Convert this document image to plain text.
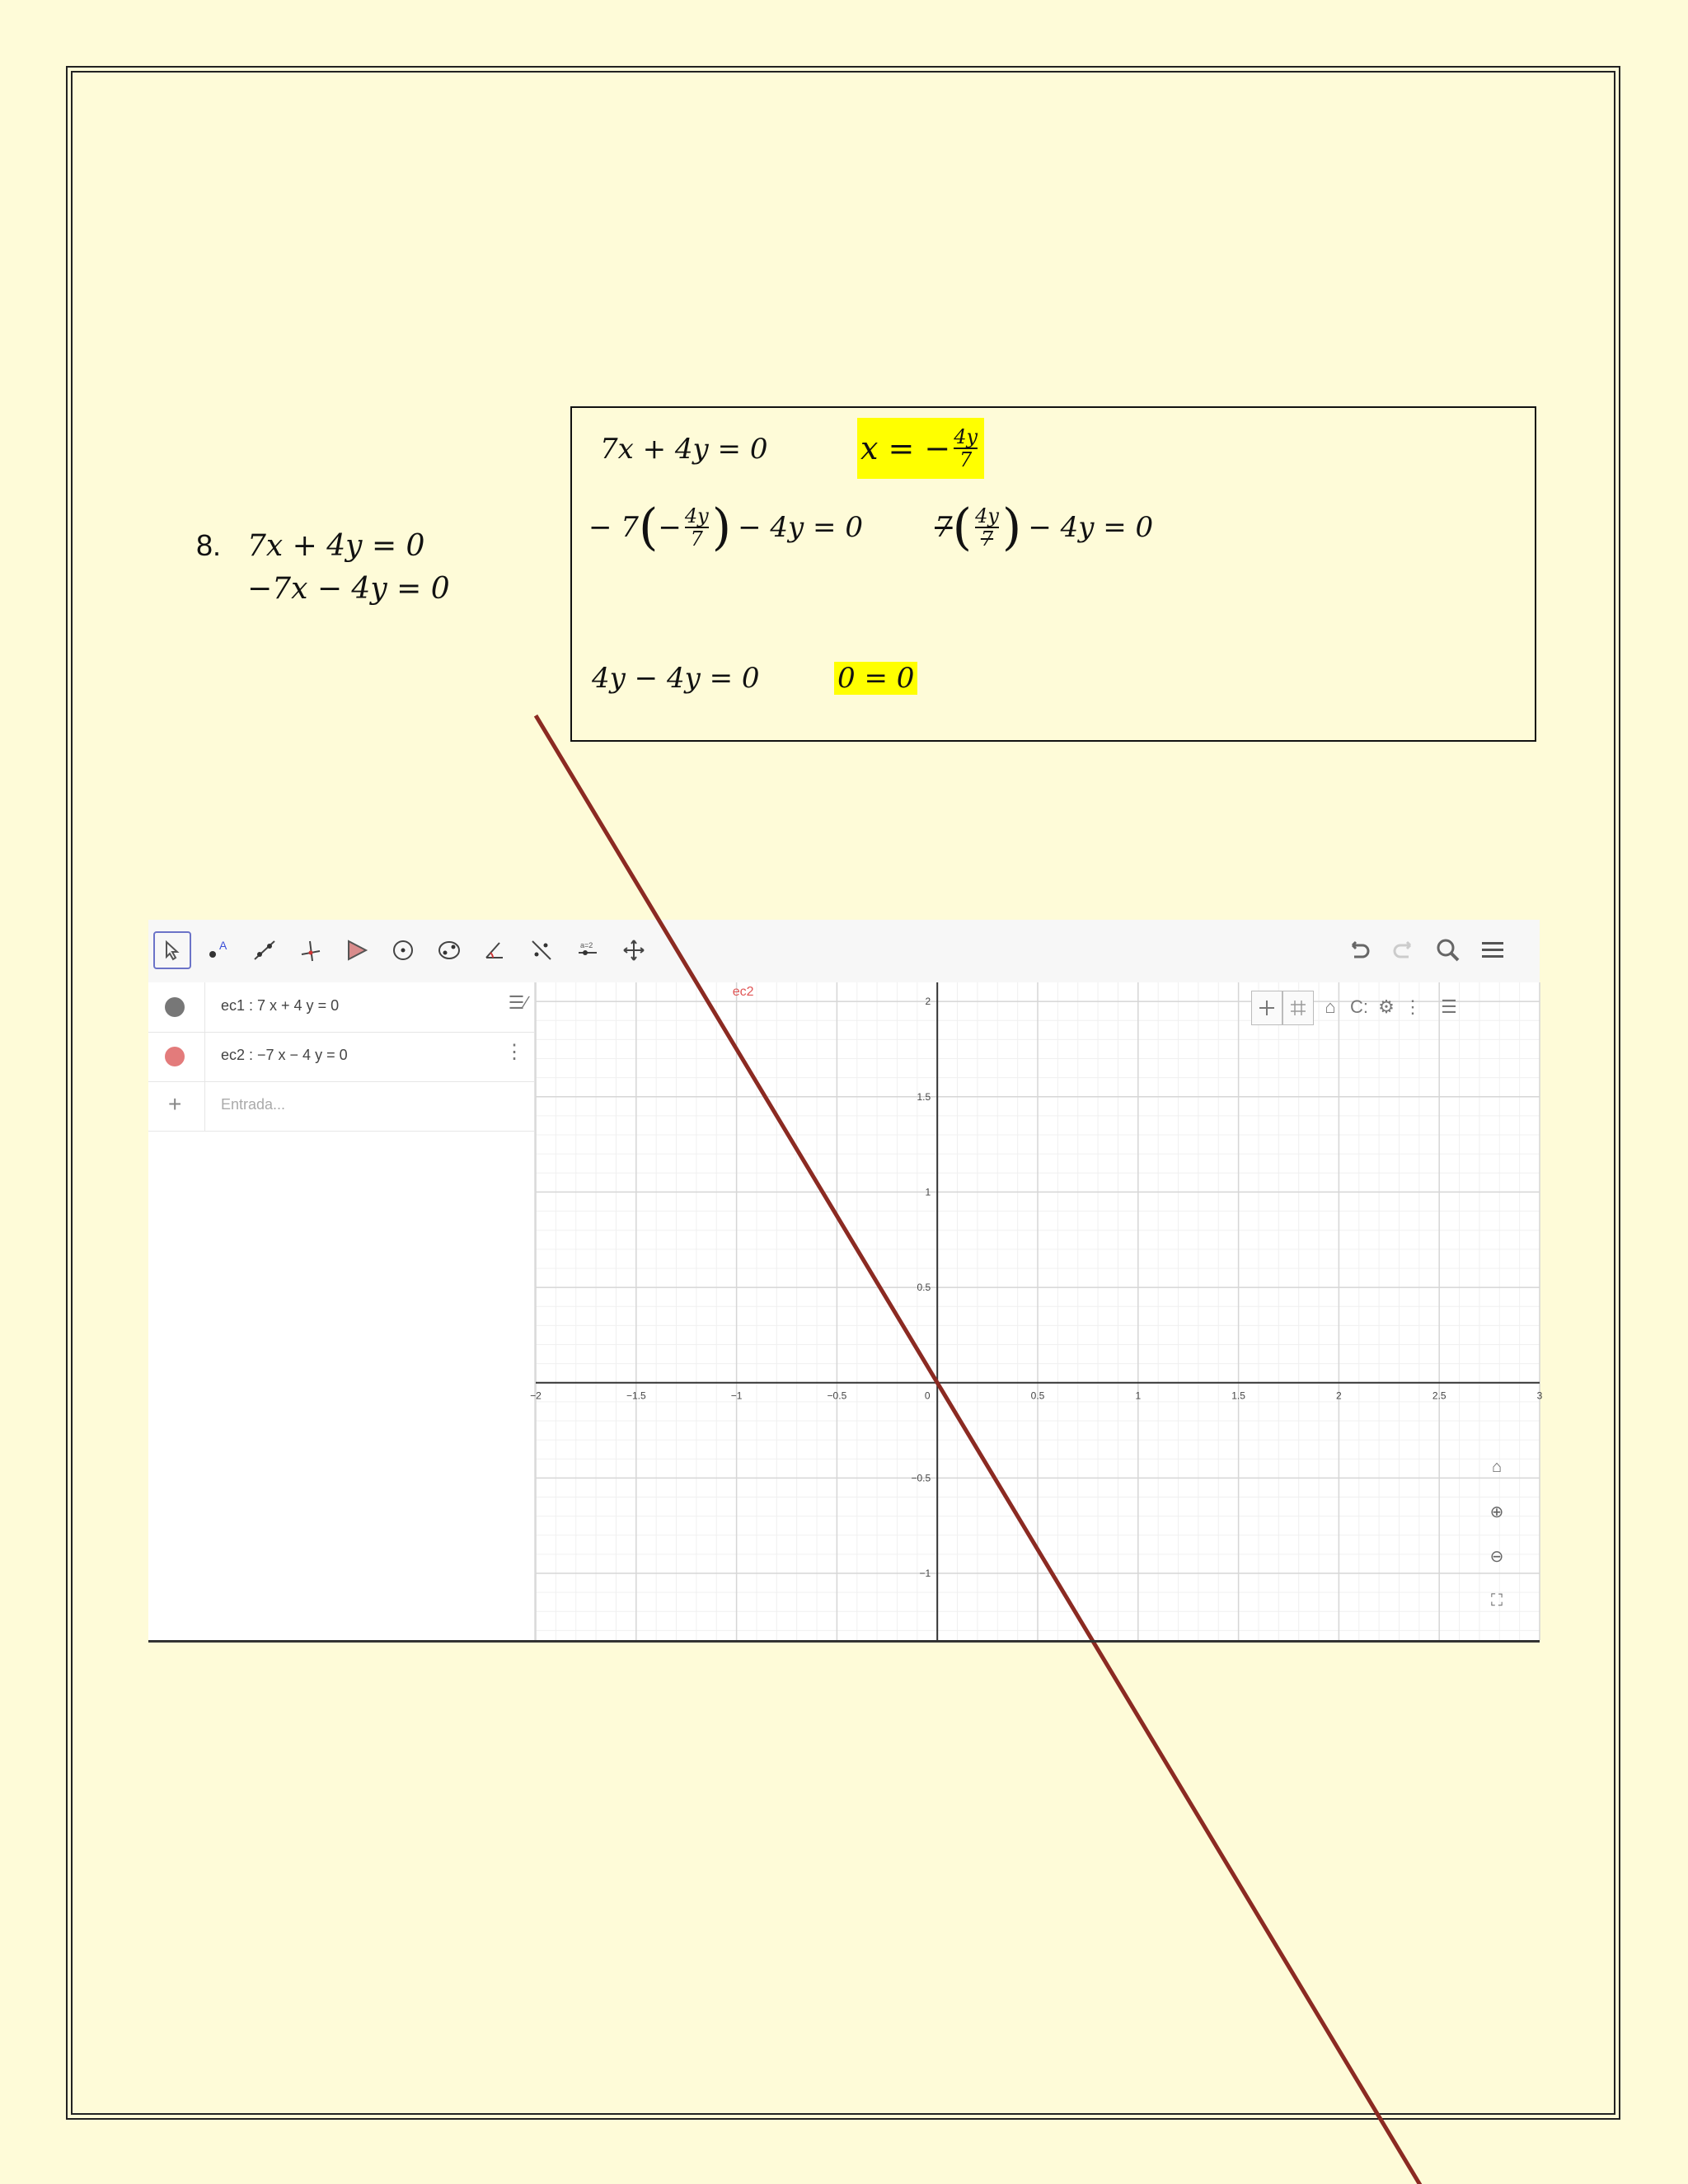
8. 7x + 4y = 0
−7x − 4y = 0
7x + 4y = 0	x = − $\frac{4y}{7}$
− 7 ( − $\frac{4y}{7}$ ) − 4y = 0	7 ( $\frac{4y}{7}$ ) − 4y = 0
4y − 4y = 0	0 = 0
A	a=2
ec1 : 7 x + 4 y = 0	☰∕
ec2 : −7 x − 4 y = 0	⋮
+	Entrada...
−2	−1.5	−1	−0.5	0	0.5	1	1.5	2	2.5	3
2
1.5
1
0.5
−0.5
−1
ec2
⌂ C: ⚙ ⋮	☰
⌂
⊕
⊖
⛶
